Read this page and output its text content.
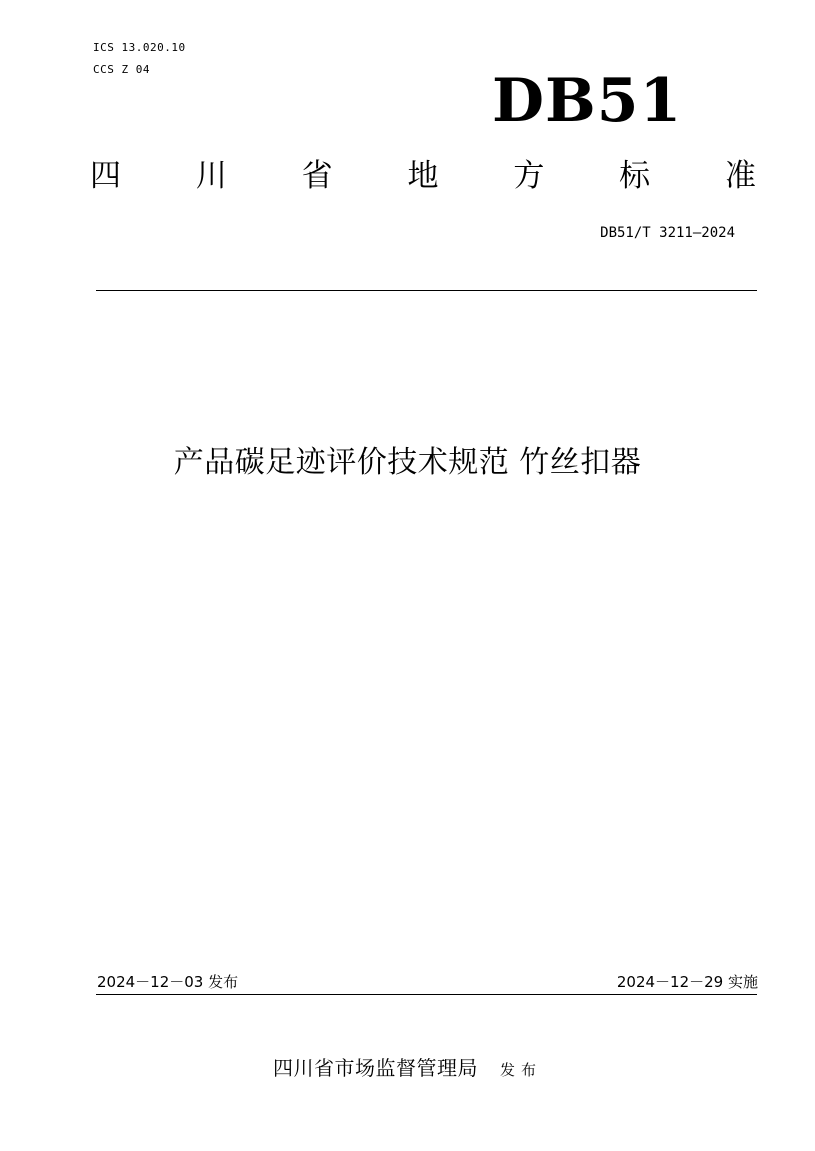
ICS 13.020.10
CCS Z 04	DB51
四 川 省 地 方 标 准
DB51/T 3211—2024
产品碳足迹评价技术规范 竹丝扣器
2024－12－03 发布	2024－12－29 实施
四川省市场监督管理局 发布
